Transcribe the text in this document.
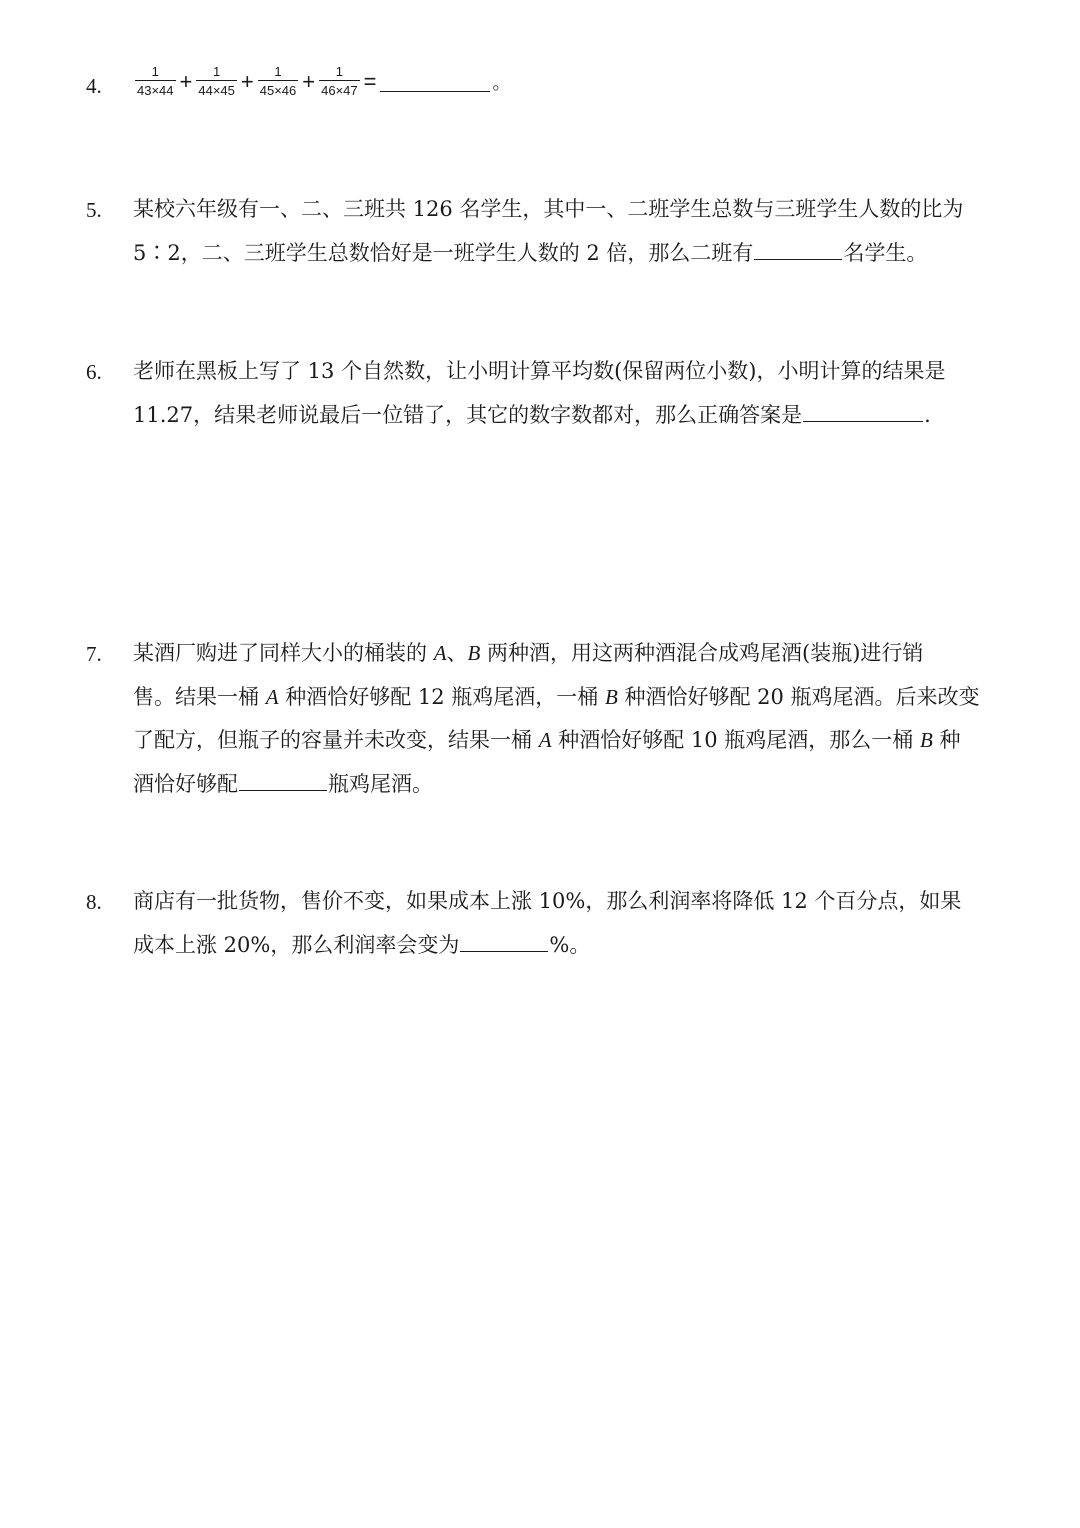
4.	$\frac{1}{43\times 44} + \frac{1}{44\times 45} + \frac{1}{45\times 46} + \frac{1}{46\times 47}$ =	。
5. 某校六年级有一、二、三班共 126 名学生，其中一、二班学生总数与三班学生人数的比为
5∶2，二、三班学生总数恰好是一班学生人数的 2 倍，那么二班有	名学生。
6. 老师在黑板上写了 13 个自然数，让小明计算平均数(保留两位小数)，小明计算的结果是
11.27，结果老师说最后一位错了，其它的数字数都对，那么正确答案是	.
7. 某酒厂购进了同样大小的桶装的 A、B 两种酒，用这两种酒混合成鸡尾酒(装瓶)进行销
售。结果一桶 A 种酒恰好够配 12 瓶鸡尾酒，一桶 B 种酒恰好够配 20 瓶鸡尾酒。后来改变
了配方，但瓶子的容量并未改变，结果一桶 A 种酒恰好够配 10 瓶鸡尾酒，那么一桶 B 种
酒恰好够配	瓶鸡尾酒。
8. 商店有一批货物，售价不变，如果成本上涨 10%，那么利润率将降低 12 个百分点，如果
成本上涨 20%，那么利润率会变为	%。
